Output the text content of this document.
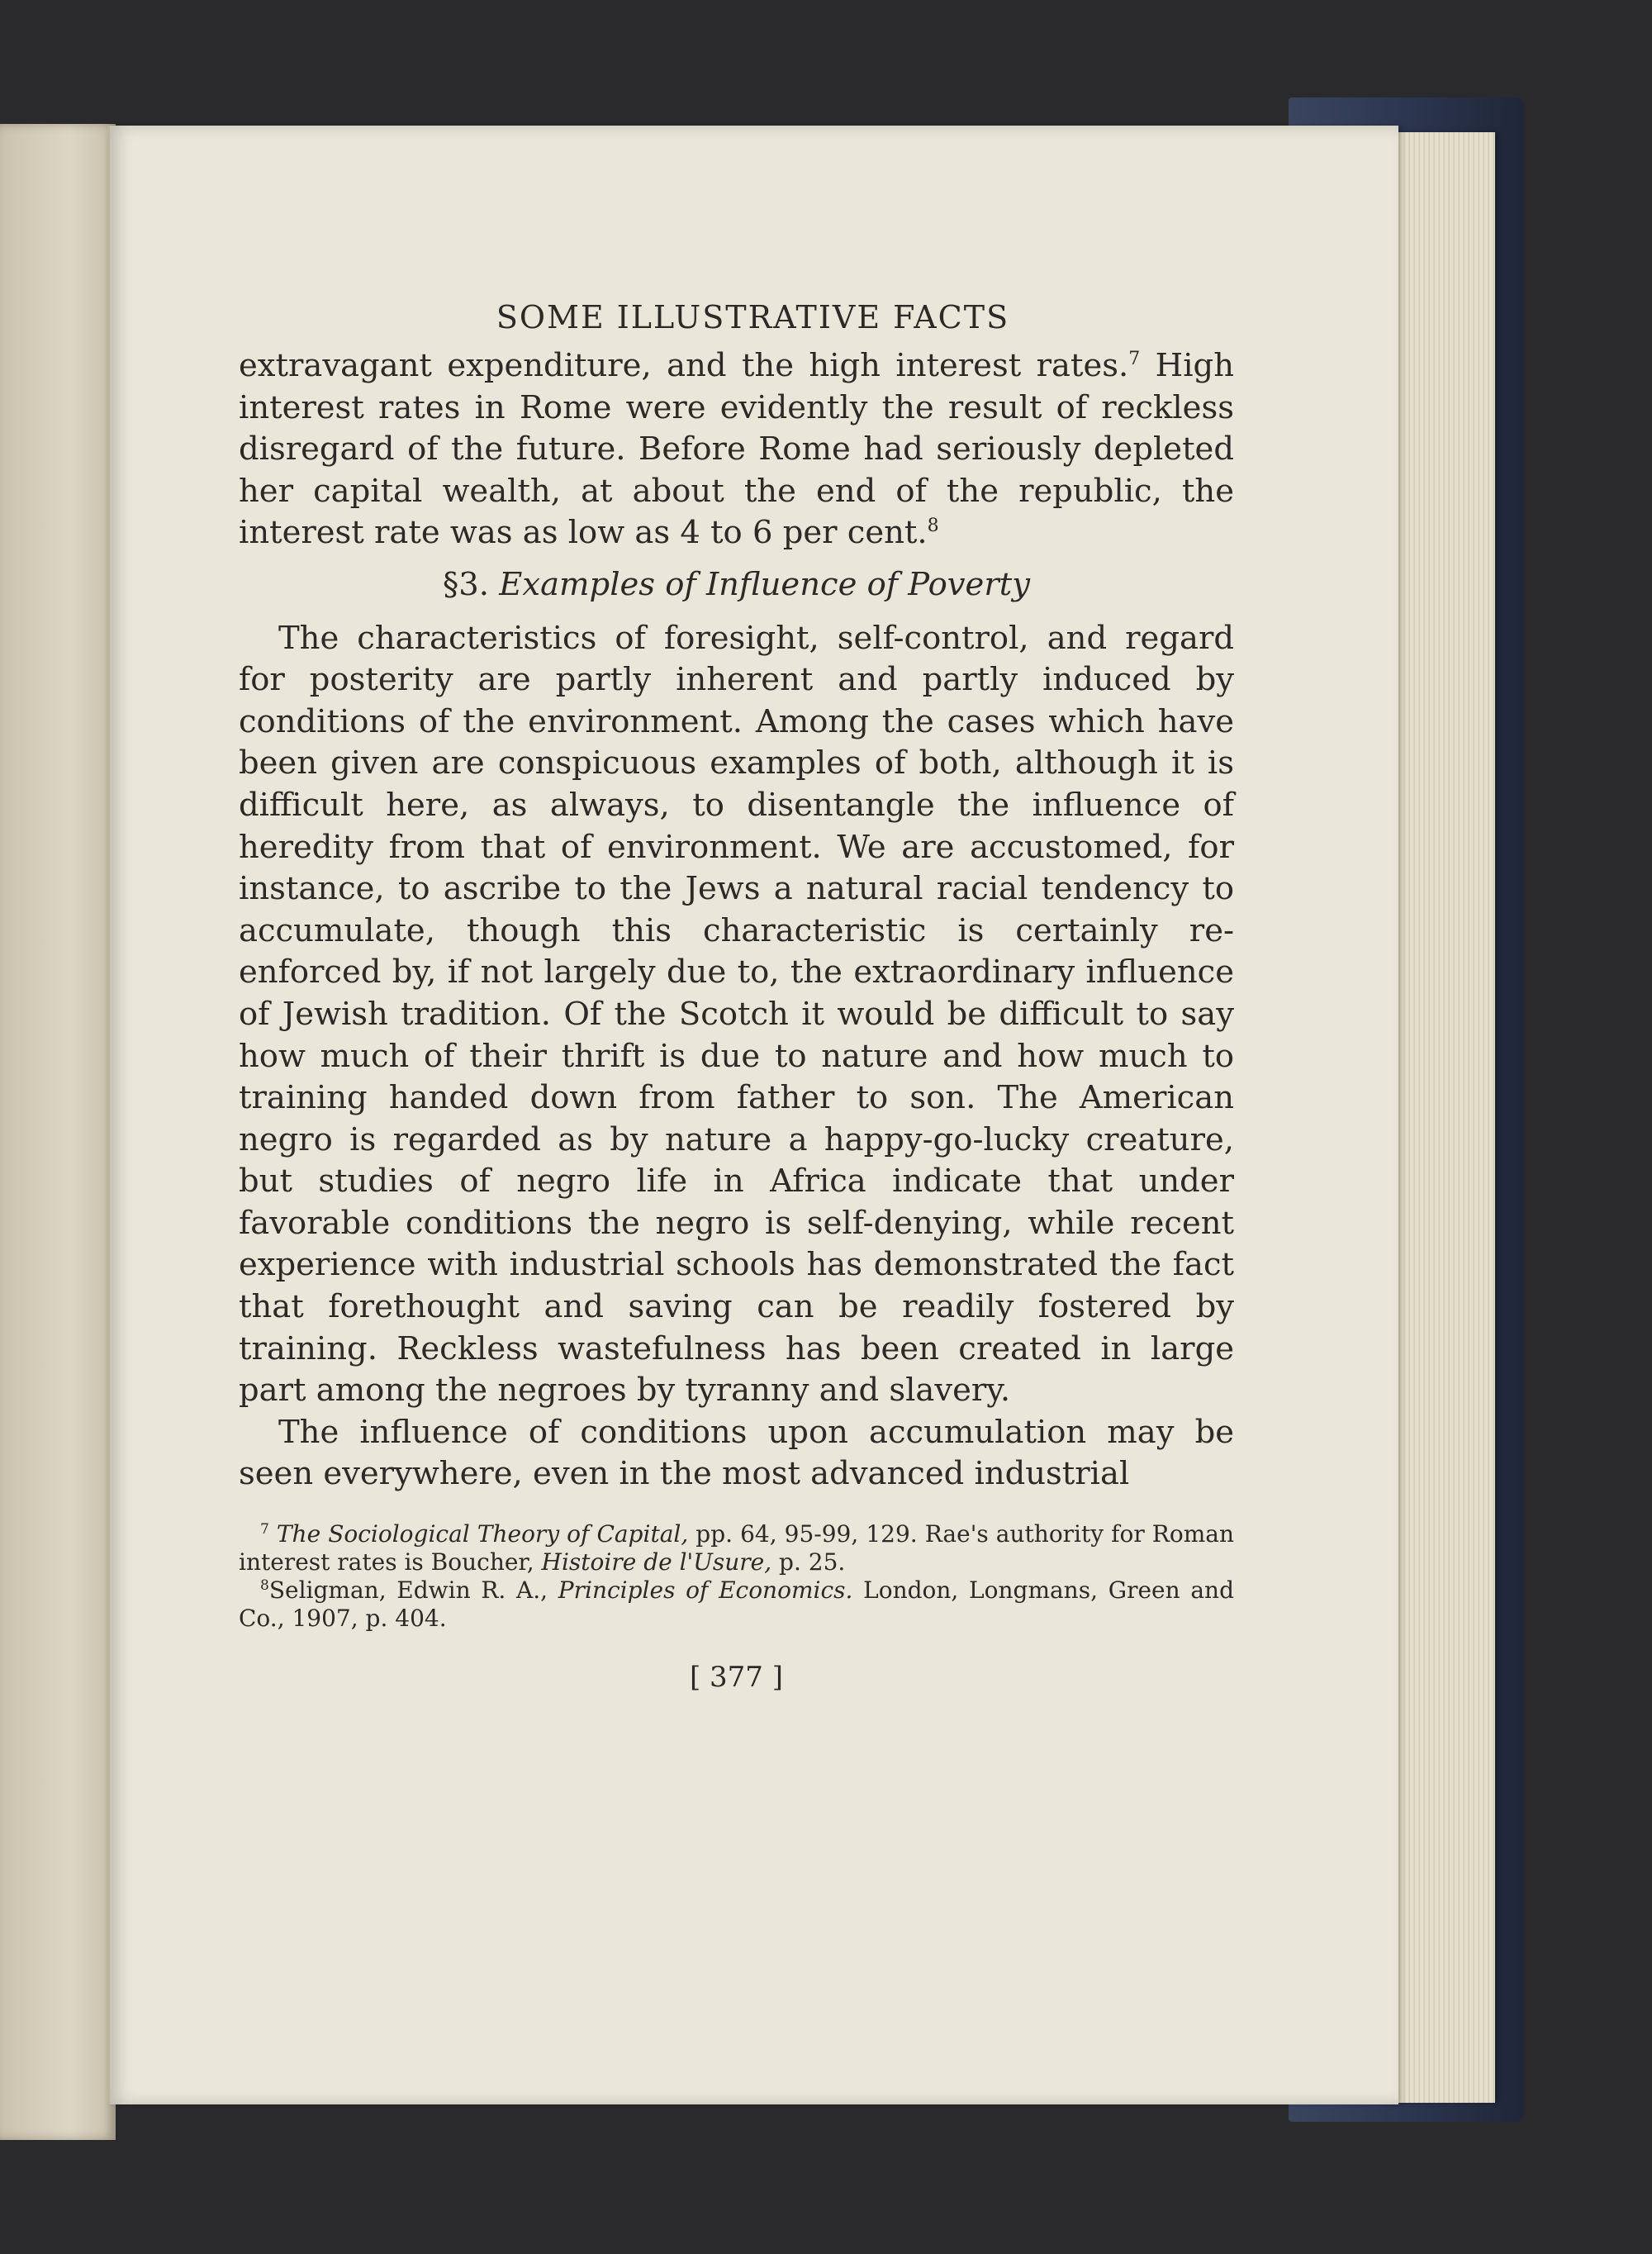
SOME ILLUSTRATIVE FACTS

extravagant expenditure, and the high interest rates.$^7$ High interest rates in Rome were evidently the result of reckless disregard of the future. Before Rome had seriously depleted her capital wealth, at about the end of the republic, the interest rate was as low as 4 to 6 per cent.$^8$

§3. Examples of Influence of Poverty

The characteristics of foresight, self-control, and regard for posterity are partly inherent and partly induced by conditions of the environment. Among the cases which have been given are conspicuous examples of both, although it is difficult here, as always, to disentangle the influence of heredity from that of environment. We are accustomed, for instance, to ascribe to the Jews a natural racial tendency to accumulate, though this characteristic is certainly re-enforced by, if not largely due to, the extraordinary influence of Jewish tradition. Of the Scotch it would be difficult to say how much of their thrift is due to nature and how much to training handed down from father to son. The American negro is regarded as by nature a happy-go-lucky creature, but studies of negro life in Africa indicate that under favorable conditions the negro is self-denying, while recent experience with industrial schools has demonstrated the fact that forethought and saving can be readily fostered by training. Reckless wastefulness has been created in large part among the negroes by tyranny and slavery.

The influence of conditions upon accumulation may be seen everywhere, even in the most advanced industrial

$^7$ The Sociological Theory of Capital, pp. 64, 95-99, 129. Rae's authority for Roman interest rates is Boucher, Histoire de l'Usure, p. 25.

$^8$Seligman, Edwin R. A., Principles of Economics. London, Longmans, Green and Co., 1907, p. 404.

[ 377 ]
